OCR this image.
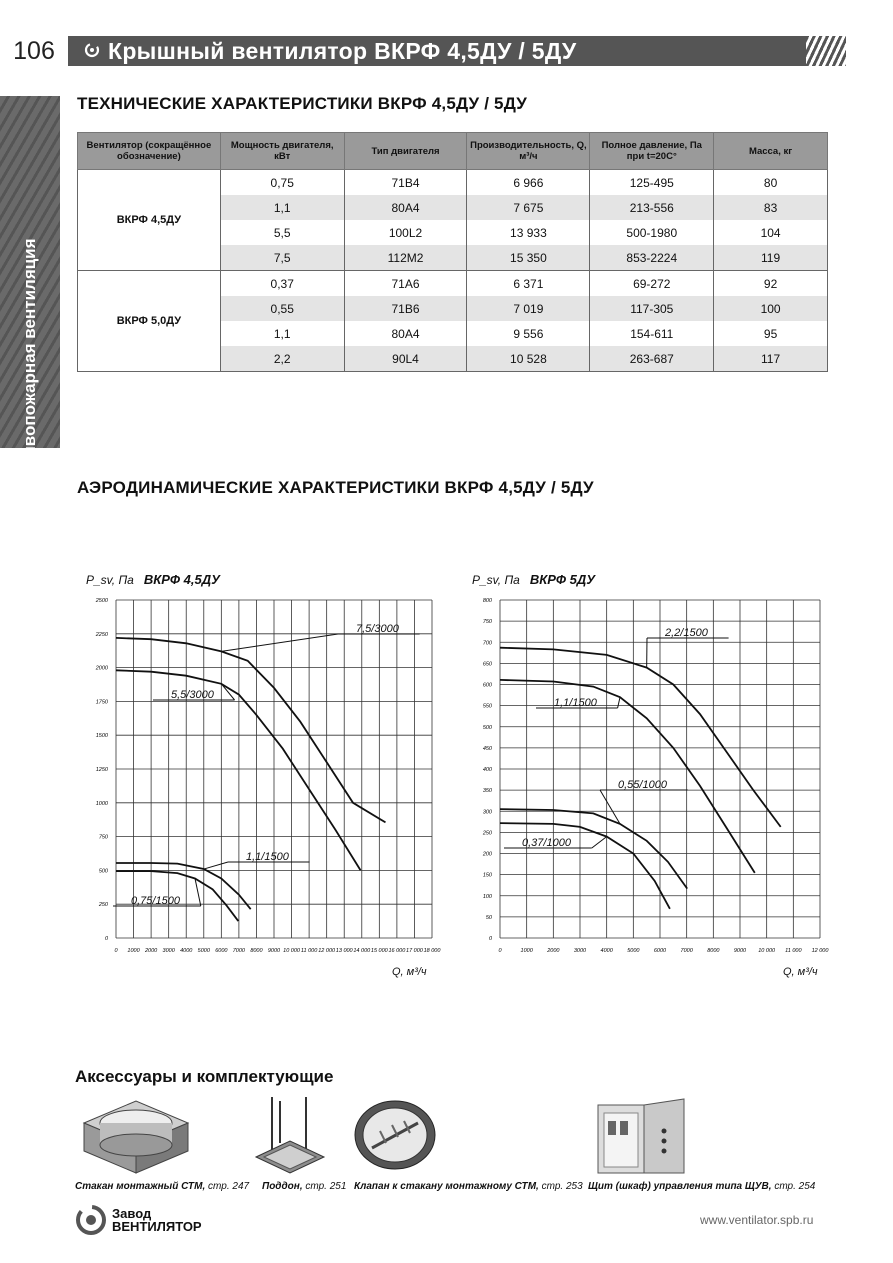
106	Крышный вентилятор ВКРФ 4,5ДУ / 5ДУ
Противопожарная вентиляция
ТЕХНИЧЕСКИЕ ХАРАКТЕРИСТИКИ ВКРФ 4,5ДУ / 5ДУ
Вентилятор (сокращённое обозначение)	Мощность двигателя, кВт	Тип двигателя	Производительность, Q, м³/ч	Полное давление, Па при t=20С°	Масса, кг
ВКРФ 4,5ДУ	0,75	71В4	6 966	125-495	80
	1,1	80А4	7 675	213-556	83
	5,5	100L2	13 933	500-1980	104
	7,5	112М2	15 350	853-2224	119
ВКРФ 5,0ДУ	0,37	71А6	6 371	69-272	92
	0,55	71В6	7 019	117-305	100
	1,1	80А4	9 556	154-611	95
	2,2	90L4	10 528	263-687	117
АЭРОДИНАМИЧЕСКИЕ ХАРАКТЕРИСТИКИ ВКРФ 4,5ДУ / 5ДУ
P_sv, Па ВКРФ 4,5ДУ
0 1000 2000 3000 4000 5000 6000 7000 8000 9000 10 000 11 000 12 000 13 000 14 000 15 000 16 000 17 000 18 000
0
250
500
750
1000
1250
1500
1750
2000
2250
2500
7,5/3000
5,5/3000
1,1/1500
0,75/1500
Q, м³/ч
P_sv, Па ВКРФ 5ДУ
0	1000	2000	3000	4000	5000	6000	7000	8000	9000 10 000 11 000 12 000
0
50
100
150
200
250
300
350
400
450
500
550
600
650
700
750
800
2,2/1500
1,1/1500
0,55/1000
0,37/1000
Q, м³/ч
Аксессуары и комплектующие
Стакан монтажный СТМ, стр. 247 Поддон, стр. 251 Клапан к стакану монтажному СТМ, стр. 253 Щит (шкаф) управления типа ЩУВ, стр. 254
Завод
ВЕНТИЛЯТОР	www.ventilator.spb.ru
